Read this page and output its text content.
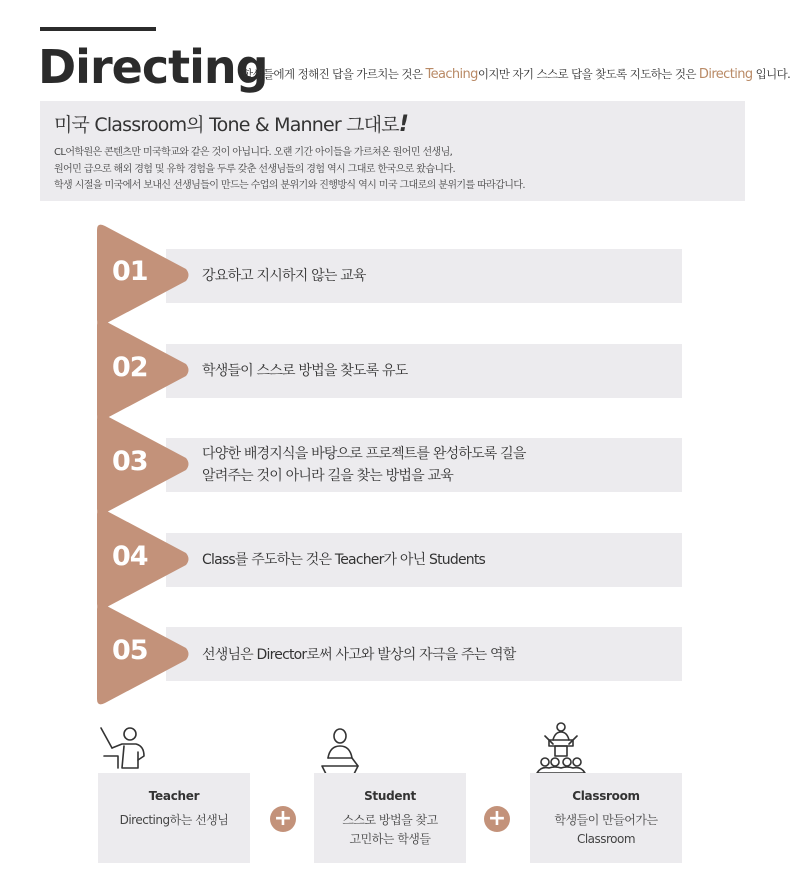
Directing
학생들에게 정해진 답을 가르치는 것은 Teaching이지만 자기 스스로 답을 찾도록 지도하는 것은 Directing 입니다.
미국 Classroom의 Tone & Manner 그대로!
CL어학원은 콘텐츠만 미국학교와 같은 것이 아닙니다. 오랜 기간 아이들을 가르쳐온 원어민 선생님,
원어민 급으로 해외 경험 및 유학 경험을 두루 갖춘 선생님들의 경험 역시 그대로 한국으로 왔습니다.
학생 시절을 미국에서 보내신 선생님들이 만드는 수업의 분위기와 진행방식 역시 미국 그대로의 분위기를 따라갑니다.
01	강요하고 지시하지 않는 교육
02	학생들이 스스로 방법을 찾도록 유도
03	다양한 배경지식을 바탕으로 프로젝트를 완성하도록 길을
알려주는 것이 아니라 길을 찾는 방법을 교육
04	Class를 주도하는 것은 Teacher가 아닌 Students
05	선생님은 Director로써 사고와 발상의 자극을 주는 역할
Teacher
Directing하는 선생님	+
Student
스스로 방법을 찾고
고민하는 학생들
+
Classroom
학생들이 만들어가는
Classroom
